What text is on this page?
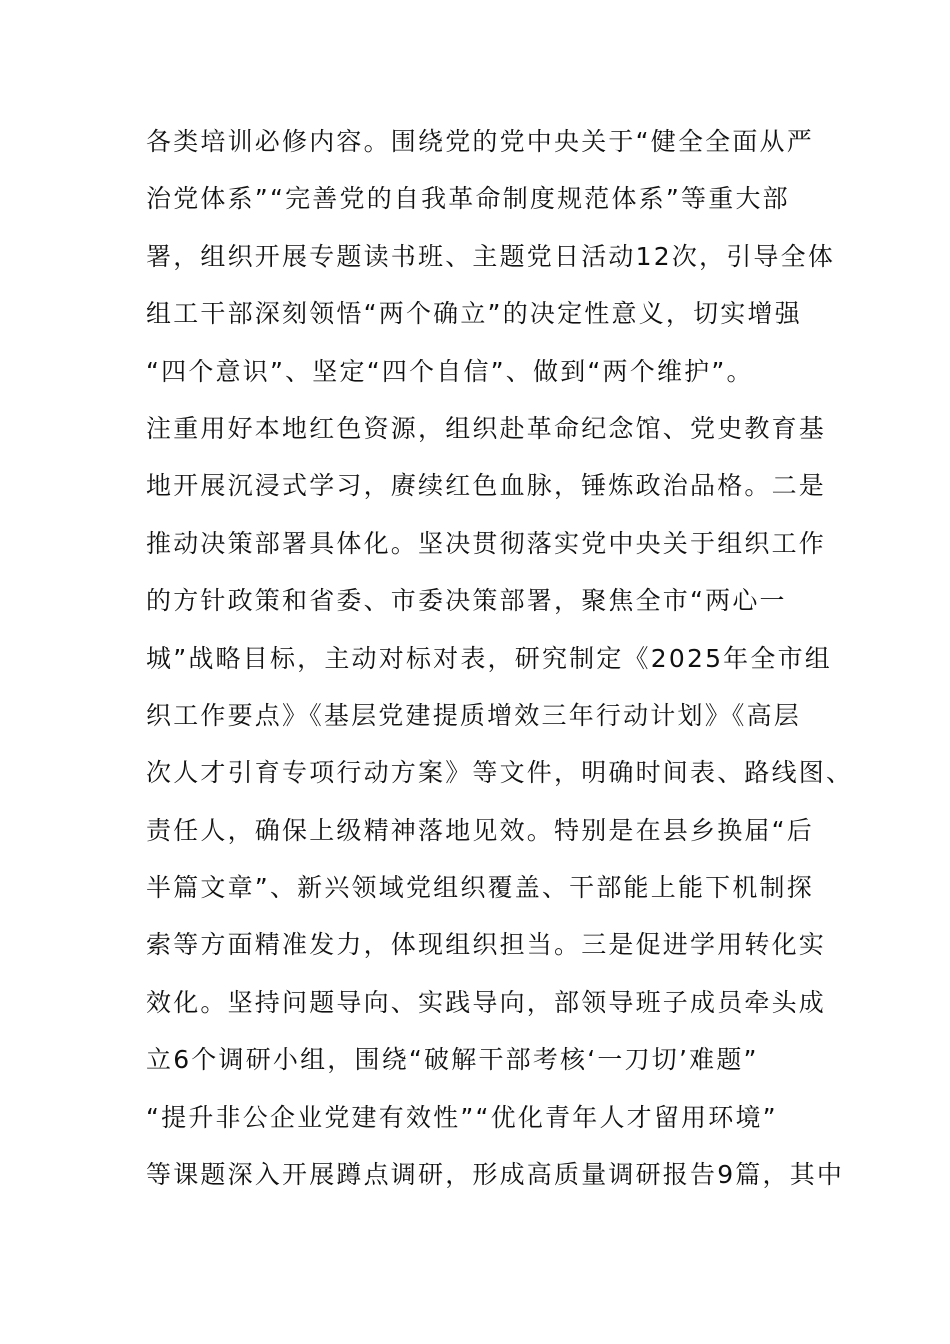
各类培训必修内容。围绕党的党中央关于“健全全面从严
治党体系”“完善党的自我革命制度规范体系”等重大部
署，组织开展专题读书班、主题党日活动12次，引导全体
组工干部深刻领悟“两个确立”的决定性意义，切实增强
“四个意识”、坚定“四个自信”、做到“两个维护”。
注重用好本地红色资源，组织赴革命纪念馆、党史教育基
地开展沉浸式学习，赓续红色血脉，锤炼政治品格。二是
推动决策部署具体化。坚决贯彻落实党中央关于组织工作
的方针政策和省委、市委决策部署，聚焦全市“两心一
城”战略目标，主动对标对表，研究制定《2025年全市组
织工作要点》《基层党建提质增效三年行动计划》《高层
次人才引育专项行动方案》等文件，明确时间表、路线图、
责任人，确保上级精神落地见效。特别是在县乡换届“后
半篇文章”、新兴领域党组织覆盖、干部能上能下机制探
索等方面精准发力，体现组织担当。三是促进学用转化实
效化。坚持问题导向、实践导向，部领导班子成员牵头成
立6个调研小组，围绕“破解干部考核‘一刀切’难题”
“提升非公企业党建有效性”“优化青年人才留用环境”
等课题深入开展蹲点调研，形成高质量调研报告9篇，其中
